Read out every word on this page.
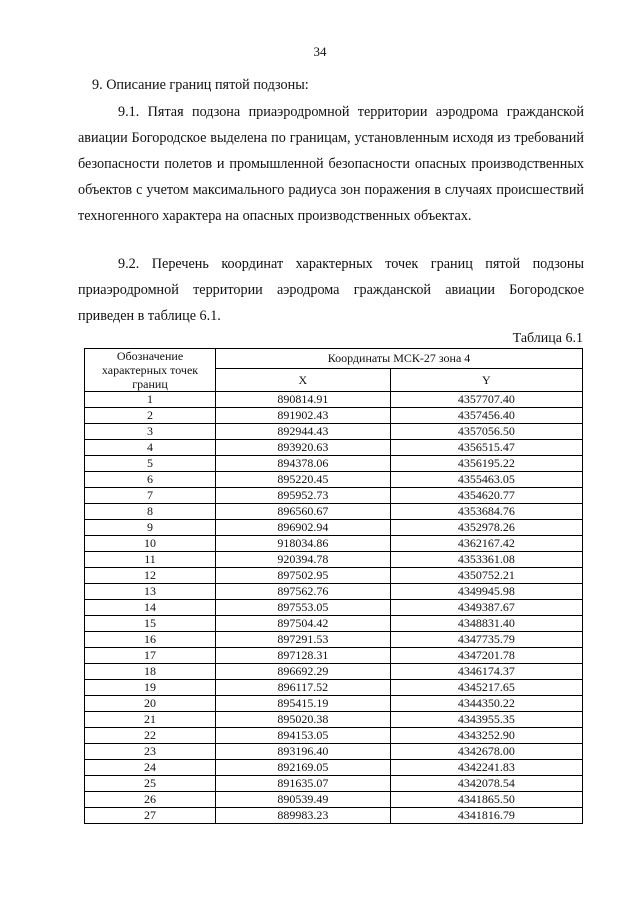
34
9. Описание границ пятой подзоны:
9.1. Пятая подзона приаэродромной территории аэродрома гражданской авиации Богородское выделена по границам, установленным исходя из требований безопасности полетов и промышленной безопасности опасных производственных объектов с учетом максимального радиуса зон поражения в случаях происшествий техногенного характера на опасных производственных объектах.
9.2. Перечень координат характерных точек границ пятой подзоны приаэродромной территории аэродрома гражданской авиации Богородское приведен в таблице 6.1.
Таблица 6.1
Обозначение характерных точек границ	Координаты МСК-27 зона 4	
	X	Y
1	890814.91	4357707.40
2	891902.43	4357456.40
3	892944.43	4357056.50
4	893920.63	4356515.47
5	894378.06	4356195.22
6	895220.45	4355463.05
7	895952.73	4354620.77
8	896560.67	4353684.76
9	896902.94	4352978.26
10	918034.86	4362167.42
11	920394.78	4353361.08
12	897502.95	4350752.21
13	897562.76	4349945.98
14	897553.05	4349387.67
15	897504.42	4348831.40
16	897291.53	4347735.79
17	897128.31	4347201.78
18	896692.29	4346174.37
19	896117.52	4345217.65
20	895415.19	4344350.22
21	895020.38	4343955.35
22	894153.05	4343252.90
23	893196.40	4342678.00
24	892169.05	4342241.83
25	891635.07	4342078.54
26	890539.49	4341865.50
27	889983.23	4341816.79
